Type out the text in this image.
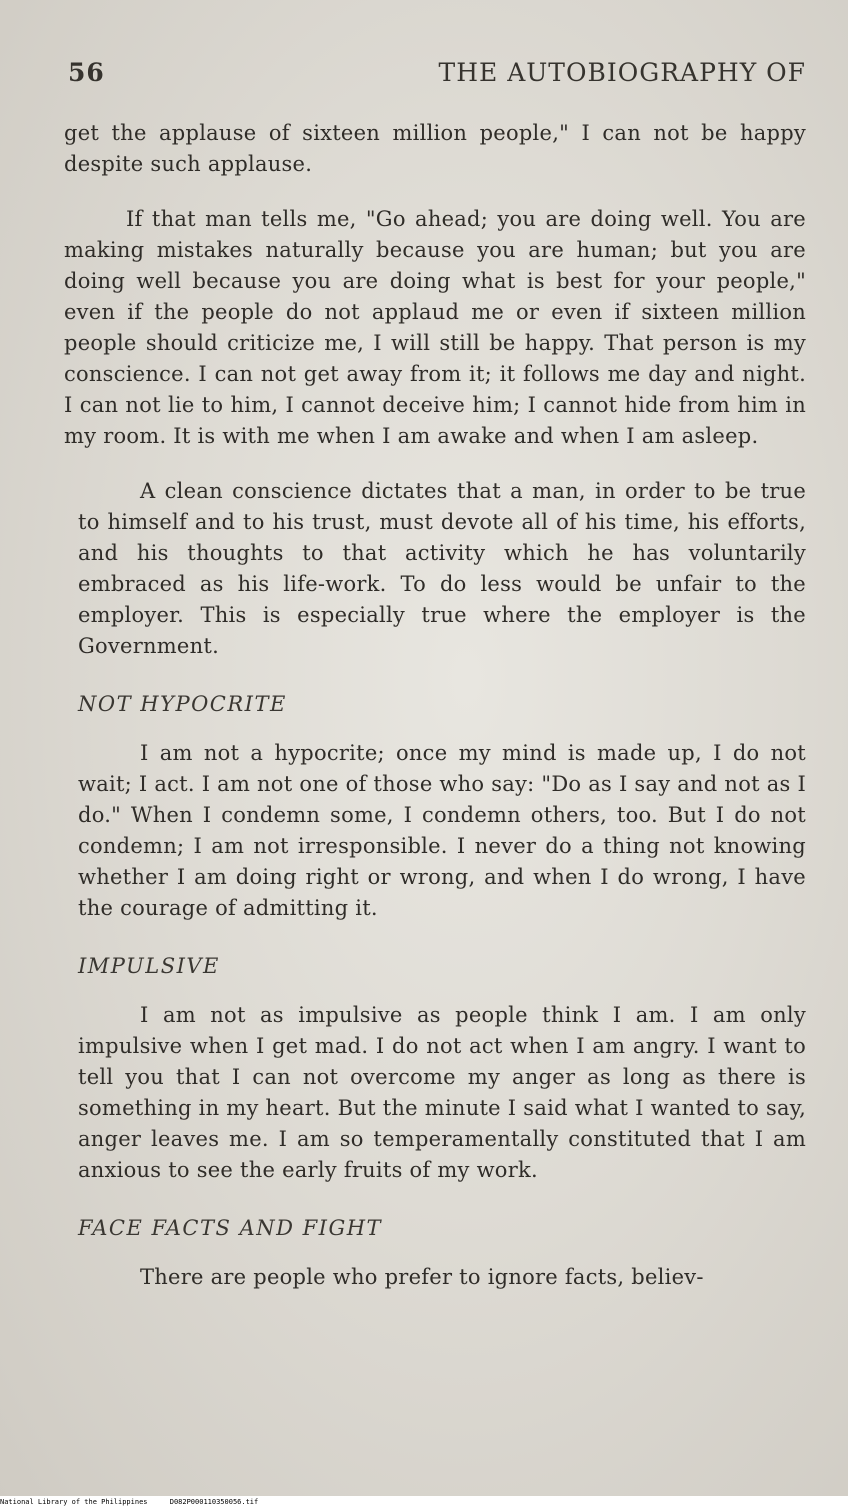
56	THE AUTOBIOGRAPHY OF

get the applause of sixteen million people," I can not be happy despite such applause.

If that man tells me, "Go ahead; you are doing well. You are making mistakes naturally because you are human; but you are doing well because you are doing what is best for your people," even if the people do not applaud me or even if sixteen million people should criticize me, I will still be happy. That person is my conscience. I can not get away from it; it follows me day and night. I can not lie to him, I cannot deceive him; I cannot hide from him in my room. It is with me when I am awake and when I am asleep.

A clean conscience dictates that a man, in order to be true to himself and to his trust, must devote all of his time, his efforts, and his thoughts to that activity which he has voluntarily embraced as his life-work. To do less would be unfair to the employer. This is especially true where the employer is the Government.

NOT HYPOCRITE

I am not a hypocrite; once my mind is made up, I do not wait; I act. I am not one of those who say: "Do as I say and not as I do." When I condemn some, I condemn others, too. But I do not condemn; I am not irresponsible. I never do a thing not knowing whether I am doing right or wrong, and when I do wrong, I have the courage of admitting it.

IMPULSIVE

I am not as impulsive as people think I am. I am only impulsive when I get mad. I do not act when I am angry. I want to tell you that I can not overcome my anger as long as there is something in my heart. But the minute I said what I wanted to say, anger leaves me. I am so temperamentally constituted that I am anxious to see the early fruits of my work.

FACE FACTS AND FIGHT

There are people who prefer to ignore facts, believ-

National Library of the Philippines	D082P000110350056.tif
